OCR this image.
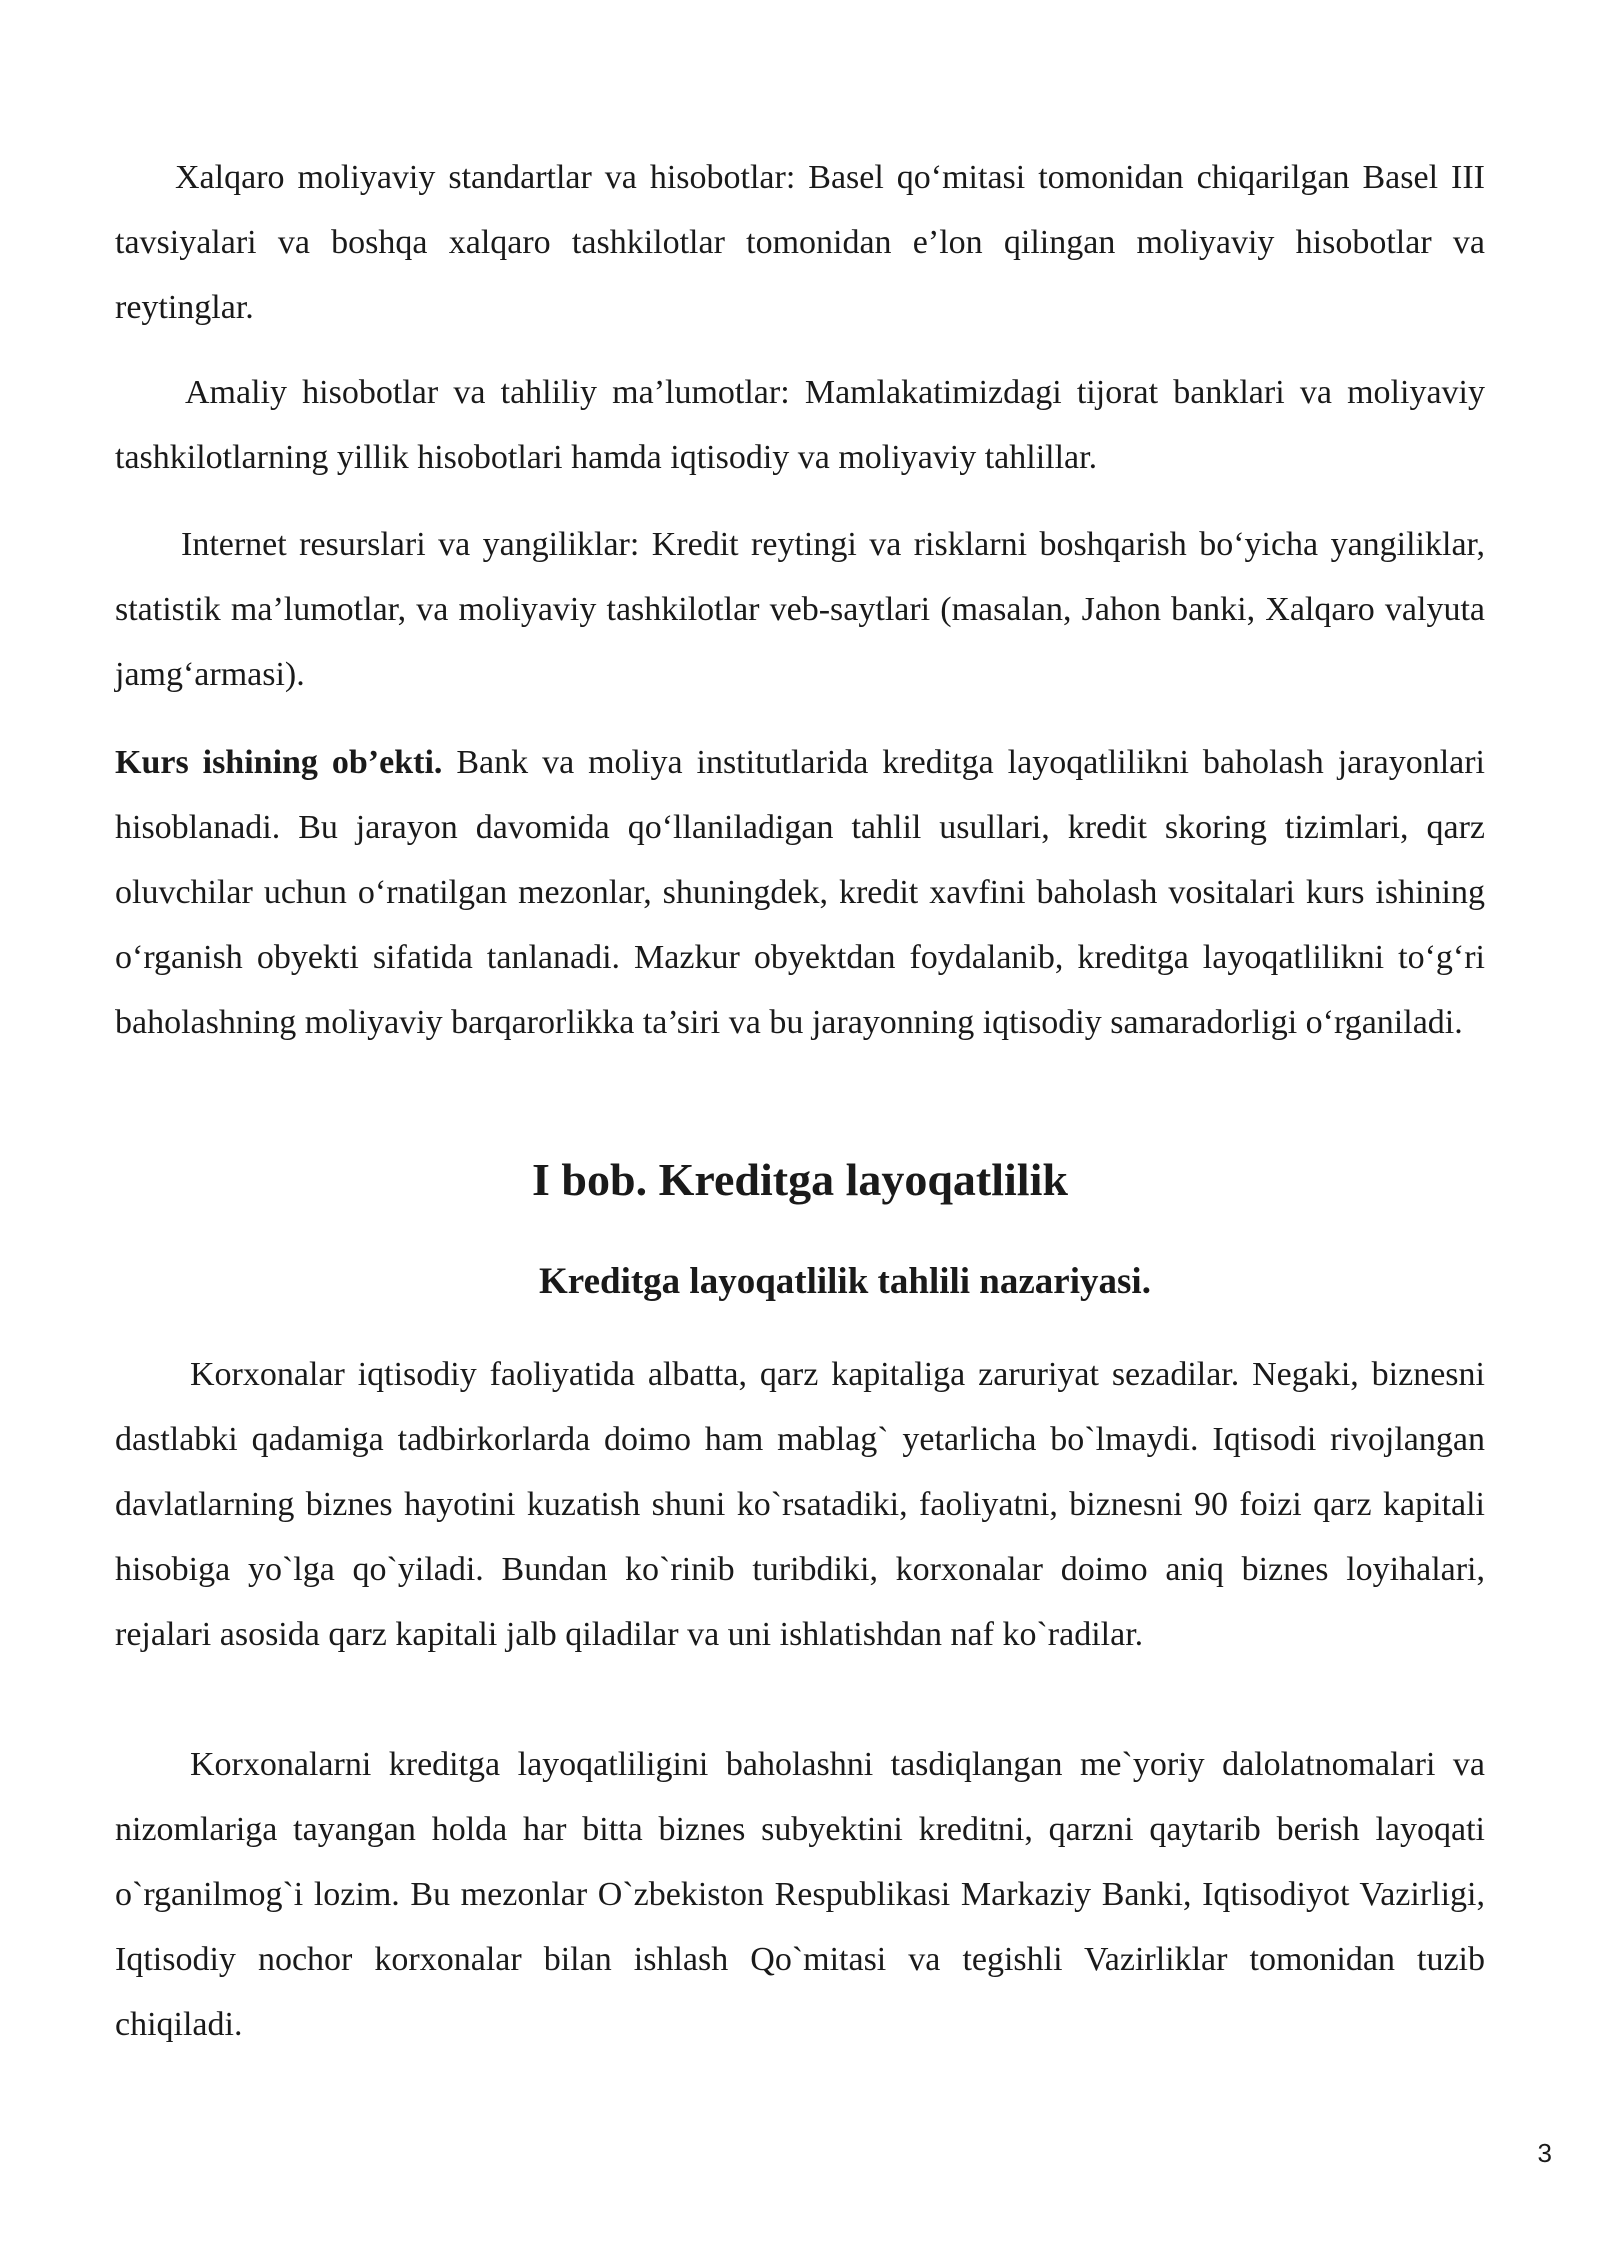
Xalqaro moliyaviy standartlar va hisobotlar: Basel qo‘mitasi tomonidan chiqarilgan Basel III tavsiyalari va boshqa xalqaro tashkilotlar tomonidan e’lon qilingan moliyaviy hisobotlar va reytinglar.

Amaliy hisobotlar va tahliliy ma’lumotlar: Mamlakatimizdagi tijorat banklari va moliyaviy tashkilotlarning yillik hisobotlari hamda iqtisodiy va moliyaviy tahlillar.

Internet resurslari va yangiliklar: Kredit reytingi va risklarni boshqarish bo‘yicha yangiliklar, statistik ma’lumotlar, va moliyaviy tashkilotlar veb-saytlari (masalan, Jahon banki, Xalqaro valyuta jamg‘armasi).

Kurs ishining ob’ekti. Bank va moliya institutlarida kreditga layoqatlilikni baholash jarayonlari hisoblanadi. Bu jarayon davomida qo‘llaniladigan tahlil usullari, kredit skoring tizimlari, qarz oluvchilar uchun o‘rnatilgan mezonlar, shuningdek, kredit xavfini baholash vositalari kurs ishining o‘rganish obyekti sifatida tanlanadi. Mazkur obyektdan foydalanib, kreditga layoqatlilikni to‘g‘ri baholashning moliyaviy barqarorlikka ta’siri va bu jarayonning iqtisodiy samaradorligi o‘rganiladi.

I bob. Kreditga layoqatlilik
Kreditga layoqatlilik tahlili nazariyasi.

Korxonalar iqtisodiy faoliyatida albatta, qarz kapitaliga zaruriyat sezadilar. Negaki, biznesni dastlabki qadamiga tadbirkorlarda doimo ham mablag` yetarlicha bo`lmaydi. Iqtisodi rivojlangan davlatlarning biznes hayotini kuzatish shuni ko`rsatadiki, faoliyatni, biznesni 90 foizi qarz kapitali hisobiga yo`lga qo`yiladi. Bundan ko`rinib turibdiki, korxonalar doimo aniq biznes loyihalari, rejalari asosida qarz kapitali jalb qiladilar va uni ishlatishdan naf ko`radilar.

Korxonalarni kreditga layoqatliligini baholashni tasdiqlangan me`yoriy dalolatnomalari va nizomlariga tayangan holda har bitta biznes subyektini kreditni, qarzni qaytarib berish layoqati o`rganilmog`i lozim. Bu mezonlar O`zbekiston Respublikasi Markaziy Banki, Iqtisodiyot Vazirligi, Iqtisodiy nochor korxonalar bilan ishlash Qo`mitasi va tegishli Vazirliklar tomonidan tuzib chiqiladi.

3
